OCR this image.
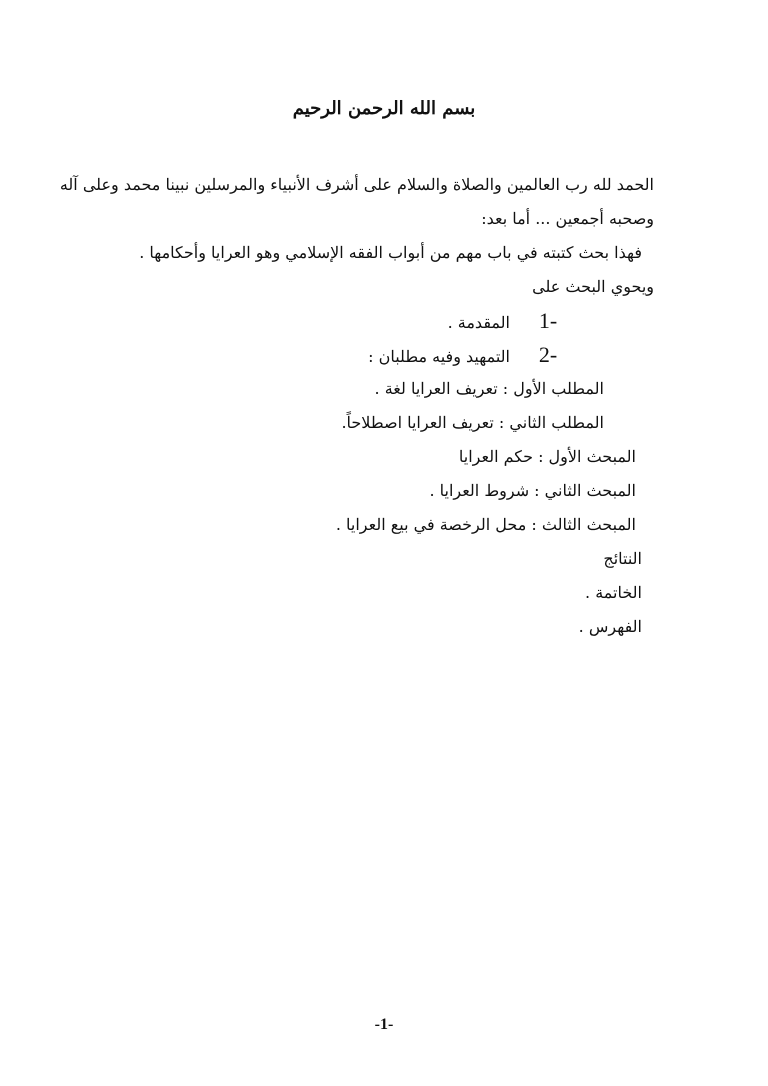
بسم الله الرحمن الرحيم
الحمد لله رب العالمين والصلاة والسلام على أشرف الأنبياء والمرسلين نبينا محمد وعلى آله
وصحبه أجمعين ... أما بعد:
فهذا بحث كتبته في باب مهم من أبواب الفقه الإسلامي وهو العرايا وأحكامها .
ويحوي البحث على
1-المقدمة .
2-التمهيد وفيه مطلبان :
المطلب الأول : تعريف العرايا لغة .
المطلب الثاني : تعريف العرايا اصطلاحاً.
المبحث الأول : حكم العرايا
المبحث الثاني : شروط العرايا .
المبحث الثالث : محل الرخصة في بيع العرايا .
النتائج
الخاتمة .
الفهرس .
-1-
